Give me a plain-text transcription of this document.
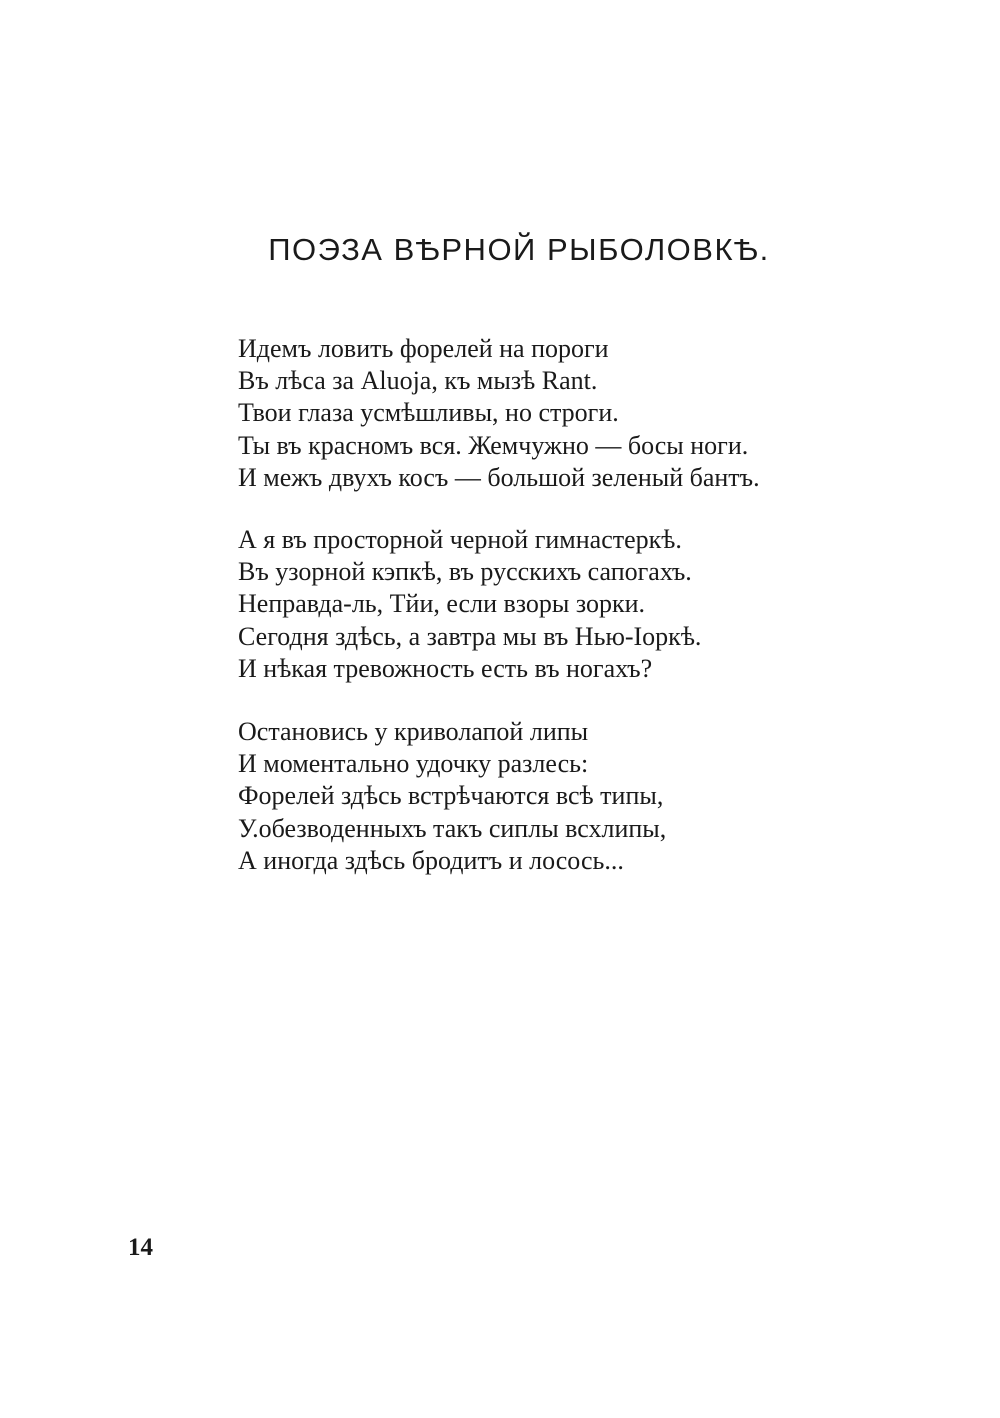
ПОЭЗА ВѢРНОЙ РЫБОЛОВКѢ.
Идемъ ловить форелей на пороги
Въ лѣса за Aluoja, къ мызѣ Rant.
Твои глаза усмѣшливы, но строги.
Ты въ красномъ вся. Жемчужно — босы ноги.
И межъ двухъ косъ — большой зеленый бантъ.
А я въ просторной черной гимнастеркѣ.
Въ узорной кэпкѣ, въ русскихъ сапогахъ.
Неправда-ль, Тйи, если взоры зорки.
Сегодня здѣсь, а завтра мы въ Нью-Іоркѣ.
И нѣкая тревожность есть въ ногахъ?
Остановись у криволапой липы
И моментально удочку разлесь:
Форелей здѣсь встрѣчаются всѣ типы,
У.обезводенныхъ такъ сиплы всхлипы,
А иногда здѣсь бродитъ и лосось...
14
